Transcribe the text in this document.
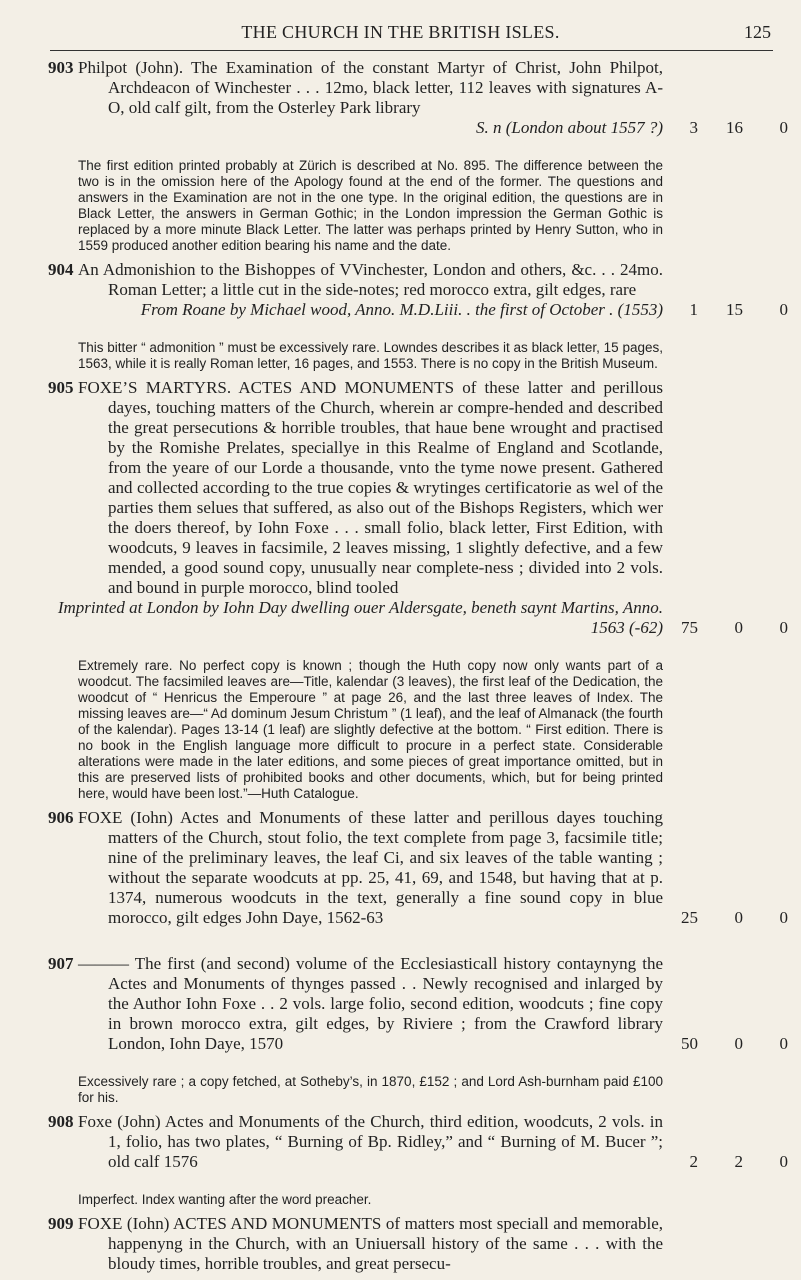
THE CHURCH IN THE BRITISH ISLES.	125
903 Philpot (John). The Examination of the constant Martyr of Christ, John Philpot, Archdeacon of Winchester . . . 12mo, black letter, 112 leaves with signatures A-O, old calf gilt, from the Osterley Park library
S. n (London about 1557 ?)	3	16	0
The first edition printed probably at Zürich is described at No. 895. The difference between the two is in the omission here of the Apology found at the end of the former. The questions and answers in the Examination are not in the one type. In the original edition, the questions are in Black Letter, the answers in German Gothic; in the London impression the German Gothic is replaced by a more minute Black Letter. The latter was perhaps printed by Henry Sutton, who in 1559 produced another edition bearing his name and the date.
904 An Admonishion to the Bishoppes of VVinchester, London and others, &c. . . 24mo. Roman Letter; a little cut in the side-notes; red morocco extra, gilt edges, rare
From Roane by Michael wood, Anno. M.D.Liii. . the first of October . (1553)	1	15	0
This bitter “ admonition ” must be excessively rare. Lowndes describes it as black letter, 15 pages, 1563, while it is really Roman letter, 16 pages, and 1553. There is no copy in the British Museum.
905 FOXE’S MARTYRS. ACTES AND MONUMENTS of these latter and perillous dayes, touching matters of the Church, wherein ar compre-hended and described the great persecutions & horrible troubles, that haue bene wrought and practised by the Romishe Prelates, speciallye in this Realme of England and Scotlande, from the yeare of our Lorde a thousande, vnto the tyme nowe present. Gathered and collected according to the true copies & wrytinges certificatorie as wel of the parties them selues that suffered, as also out of the Bishops Registers, which wer the doers thereof, by Iohn Foxe . . . small folio, black letter, First Edition, with woodcuts, 9 leaves in facsimile, 2 leaves missing, 1 slightly defective, and a few mended, a good sound copy, unusually near complete-ness ; divided into 2 vols. and bound in purple morocco, blind tooled
Imprinted at London by Iohn Day dwelling ouer Aldersgate, beneth saynt Martins, Anno. 1563 (-62)	75	0	0
Extremely rare. No perfect copy is known ; though the Huth copy now only wants part of a woodcut. The facsimiled leaves are—Title, kalendar (3 leaves), the first leaf of the Dedication, the woodcut of “ Henricus the Emperoure ” at page 26, and the last three leaves of Index. The missing leaves are—“ Ad dominum Jesum Christum ” (1 leaf), and the leaf of Almanack (the fourth of the kalendar). Pages 13-14 (1 leaf) are slightly defective at the bottom. “ First edition. There is no book in the English language more difficult to procure in a perfect state. Considerable alterations were made in the later editions, and some pieces of great importance omitted, but in this are preserved lists of prohibited books and other documents, which, but for being printed here, would have been lost.”—Huth Catalogue.
906 FOXE (Iohn) Actes and Monuments of these latter and perillous dayes touching matters of the Church, stout folio, the text complete from page 3, facsimile title; nine of the preliminary leaves, the leaf Ci, and six leaves of the table wanting ; without the separate woodcuts at pp. 25, 41, 69, and 1548, but having that at p. 1374, numerous woodcuts in the text, generally a fine sound copy in blue morocco, gilt edges John Daye, 1562-63	25	0	0
907 ——— The first (and second) volume of the Ecclesiasticall history contaynyng the Actes and Monuments of thynges passed . . Newly recognised and inlarged by the Author Iohn Foxe . . 2 vols. large folio, second edition, woodcuts ; fine copy in brown morocco extra, gilt edges, by Riviere ; from the Crawford library London, Iohn Daye, 1570	50	0	0
Excessively rare ; a copy fetched, at Sotheby’s, in 1870, £152 ; and Lord Ash-burnham paid £100 for his.
908 Foxe (John) Actes and Monuments of the Church, third edition, woodcuts, 2 vols. in 1, folio, has two plates, “ Burning of Bp. Ridley,” and “ Burning of M. Bucer ”; old calf 1576	2	2	0
Imperfect. Index wanting after the word preacher.
909 FOXE (Iohn) ACTES AND MONUMENTS of matters most speciall and memorable, happenyng in the Church, with an Uniuersall history of the same . . . with the bloudy times, horrible troubles, and great persecu-
